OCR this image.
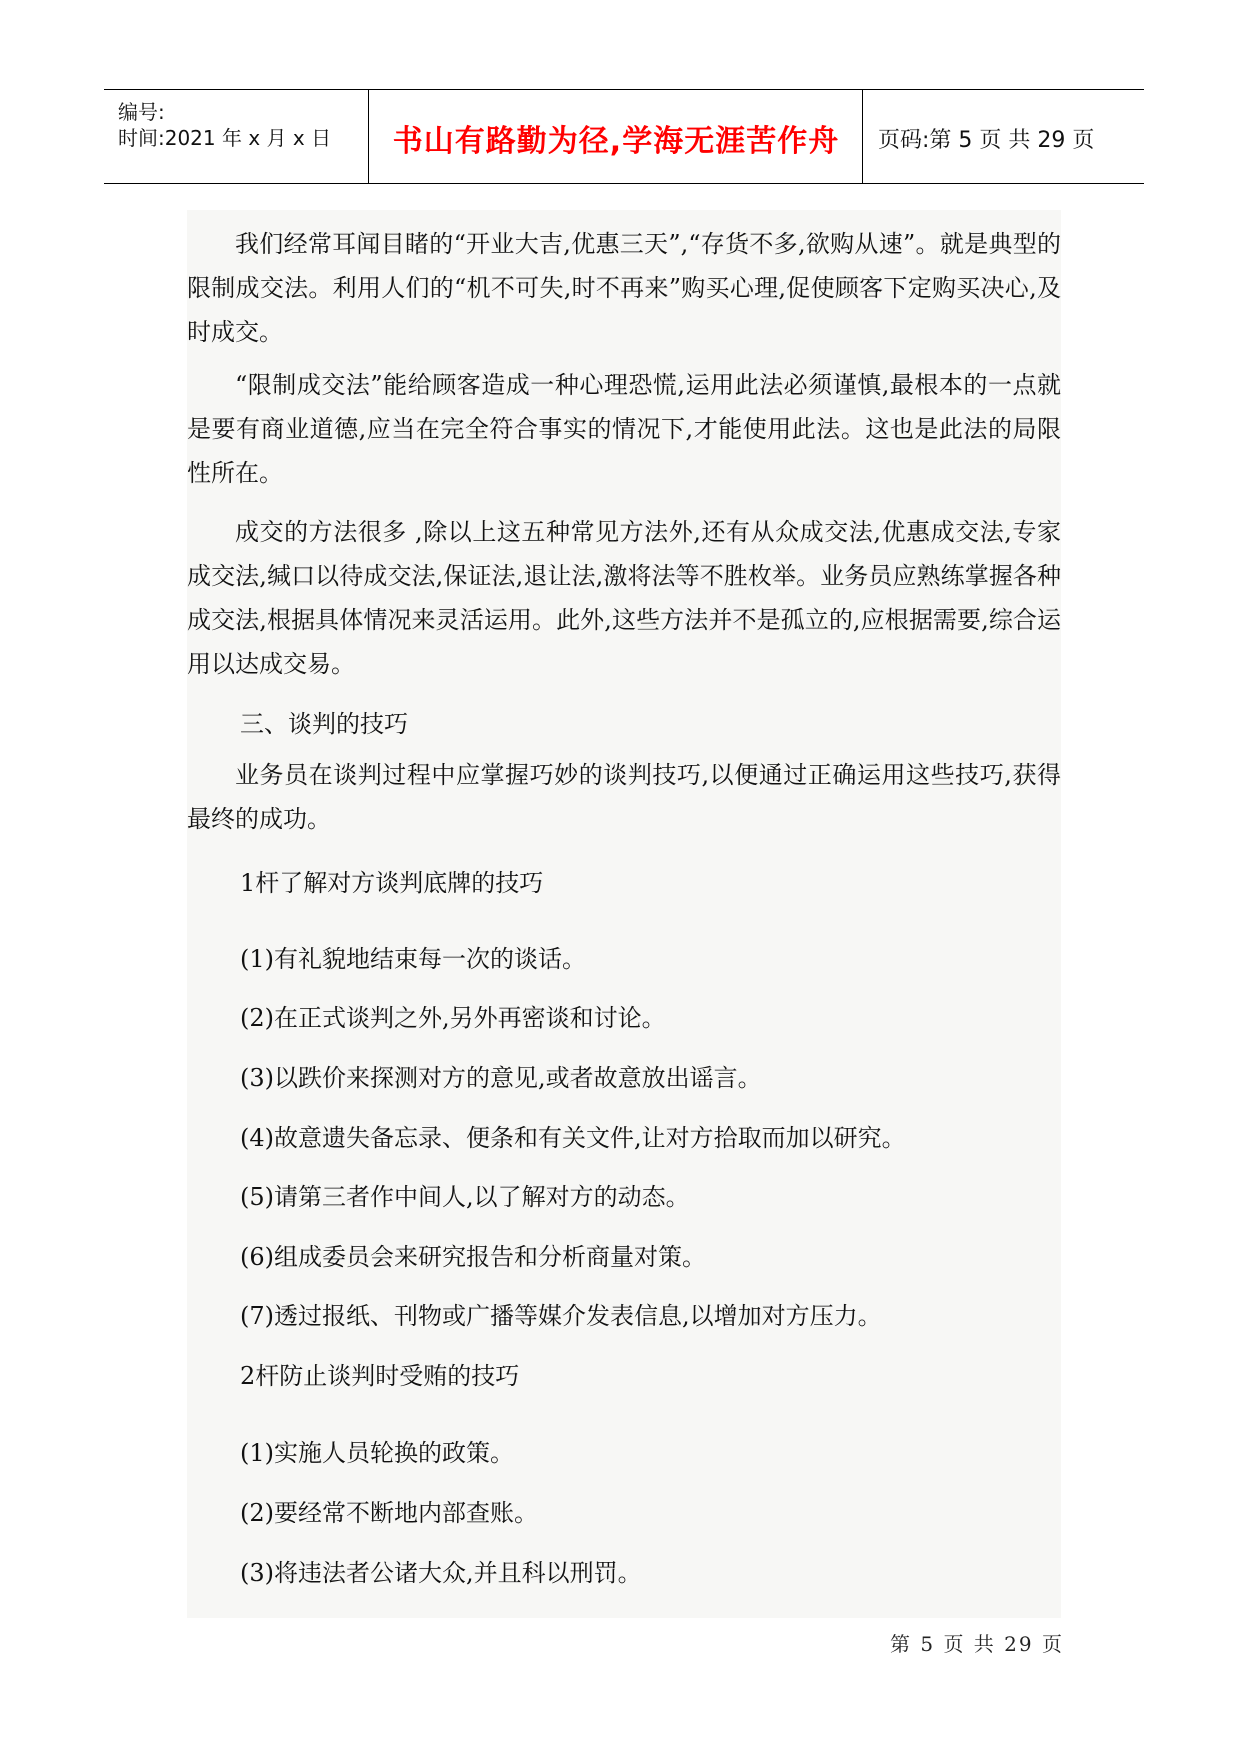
编号:
时间:2021 年 x 月 x 日	书山有路勤为径,学海无涯苦作舟	页码:第 5 页 共 29 页

我们经常耳闻目睹的“开业大吉,优惠三天”,“存货不多,欲购从速”。就是典型的限制成交法。利用人们的“机不可失,时不再来”购买心理,促使顾客下定购买决心,及时成交。

“限制成交法”能给顾客造成一种心理恐慌,运用此法必须谨慎,最根本的一点就是要有商业道德,应当在完全符合事实的情况下,才能使用此法。这也是此法的局限性所在。

成交的方法很多 ,除以上这五种常见方法外,还有从众成交法,优惠成交法,专家成交法,缄口以待成交法,保证法,退让法,激将法等不胜枚举。业务员应熟练掌握各种成交法,根据具体情况来灵活运用。此外,这些方法并不是孤立的,应根据需要,综合运用以达成交易。

三、谈判的技巧

业务员在谈判过程中应掌握巧妙的谈判技巧,以便通过正确运用这些技巧,获得最终的成功。

1杆了解对方谈判底牌的技巧
(1)有礼貌地结束每一次的谈话。
(2)在正式谈判之外,另外再密谈和讨论。
(3)以跌价来探测对方的意见,或者故意放出谣言。
(4)故意遗失备忘录、便条和有关文件,让对方拾取而加以研究。
(5)请第三者作中间人,以了解对方的动态。
(6)组成委员会来研究报告和分析商量对策。
(7)透过报纸、刊物或广播等媒介发表信息,以增加对方压力。
2杆防止谈判时受贿的技巧
(1)实施人员轮换的政策。
(2)要经常不断地内部查账。
(3)将违法者公诸大众,并且科以刑罚。
第 5 页 共 29 页
